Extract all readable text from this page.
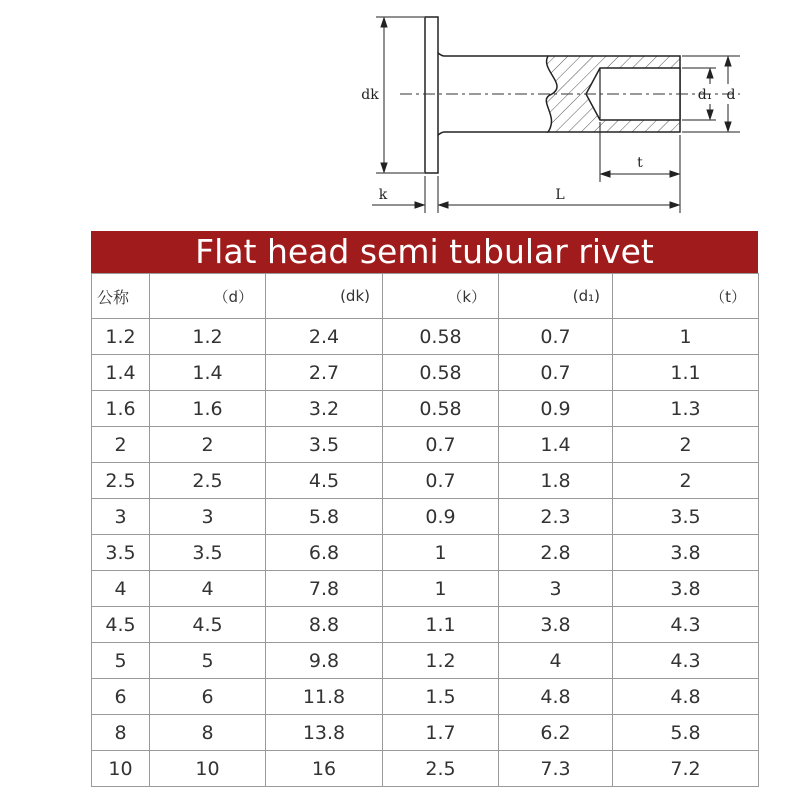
dk
k	L
t
d₁ d
Flat head semi tubular rivet
公称	（d）	(dk)	（k）	(d₁)	（t）
1.2	1.2	2.4	0.58	0.7	1
1.4	1.4	2.7	0.58	0.7	1.1
1.6	1.6	3.2	0.58	0.9	1.3
2	2	3.5	0.7	1.4	2
2.5	2.5	4.5	0.7	1.8	2
3	3	5.8	0.9	2.3	3.5
3.5	3.5	6.8	1	2.8	3.8
4	4	7.8	1	3	3.8
4.5	4.5	8.8	1.1	3.8	4.3
5	5	9.8	1.2	4	4.3
6	6	11.8	1.5	4.8	4.8
8	8	13.8	1.7	6.2	5.8
10	10	16	2.5	7.3	7.2
